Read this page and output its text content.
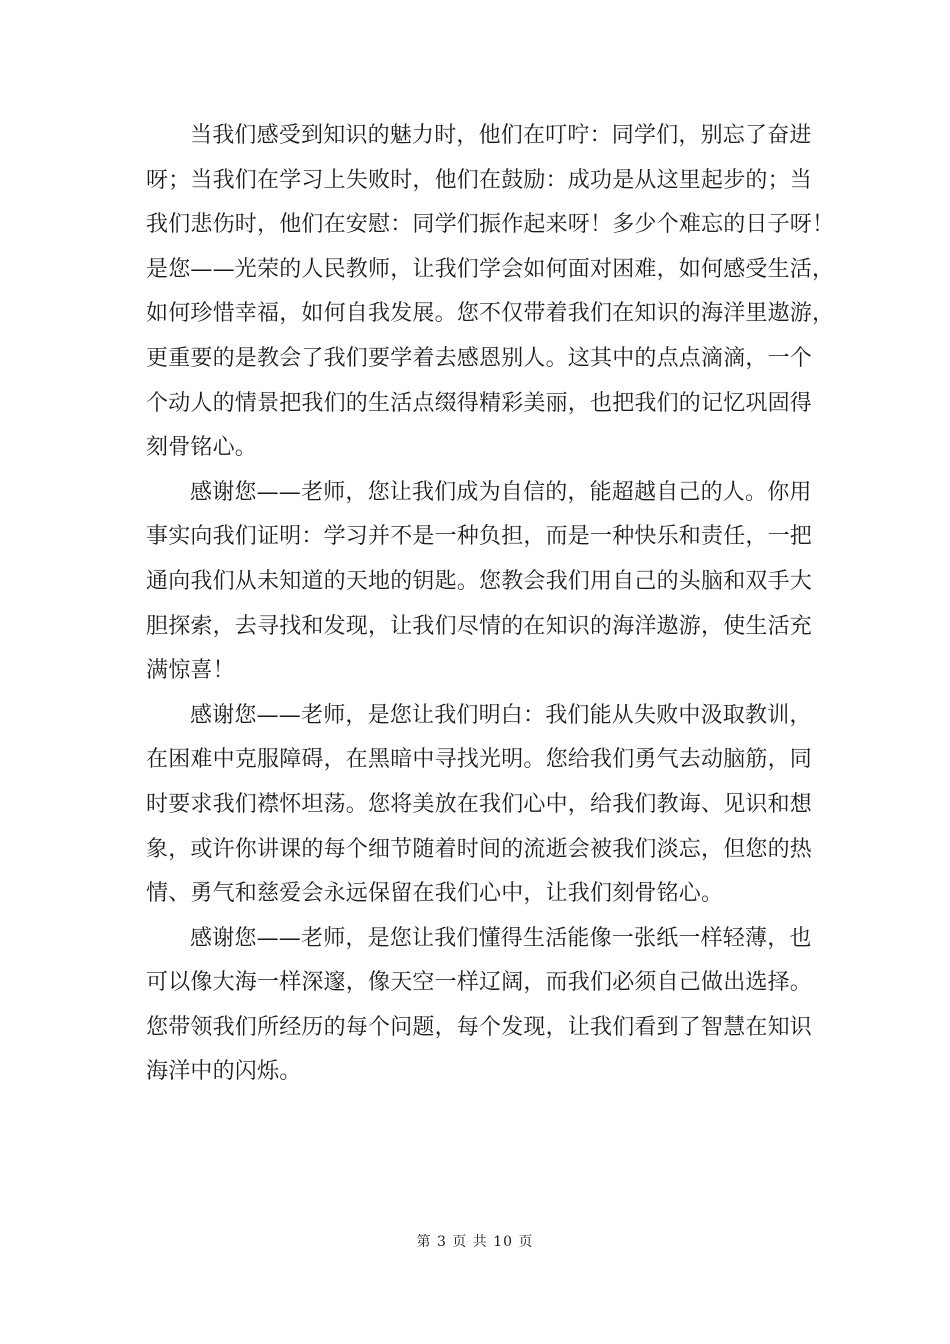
当我们感受到知识的魅力时，他们在叮咛：同学们，别忘了奋进
呀；当我们在学习上失败时，他们在鼓励：成功是从这里起步的；当
我们悲伤时，他们在安慰：同学们振作起来呀！多少个难忘的日子呀！
是您——光荣的人民教师，让我们学会如何面对困难，如何感受生活，
如何珍惜幸福，如何自我发展。您不仅带着我们在知识的海洋里遨游，
更重要的是教会了我们要学着去感恩别人。这其中的点点滴滴，一个
个动人的情景把我们的生活点缀得精彩美丽，也把我们的记忆巩固得
刻骨铭心。

感谢您——老师，您让我们成为自信的，能超越自己的人。你用
事实向我们证明：学习并不是一种负担，而是一种快乐和责任，一把
通向我们从未知道的天地的钥匙。您教会我们用自己的头脑和双手大
胆探索，去寻找和发现，让我们尽情的在知识的海洋遨游，使生活充
满惊喜！

感谢您——老师，是您让我们明白：我们能从失败中汲取教训，
在困难中克服障碍，在黑暗中寻找光明。您给我们勇气去动脑筋，同
时要求我们襟怀坦荡。您将美放在我们心中，给我们教诲、见识和想
象，或许你讲课的每个细节随着时间的流逝会被我们淡忘，但您的热
情、勇气和慈爱会永远保留在我们心中，让我们刻骨铭心。

感谢您——老师，是您让我们懂得生活能像一张纸一样轻薄，也
可以像大海一样深邃，像天空一样辽阔，而我们必须自己做出选择。
您带领我们所经历的每个问题，每个发现，让我们看到了智慧在知识
海洋中的闪烁。

第 3 页 共 10 页
